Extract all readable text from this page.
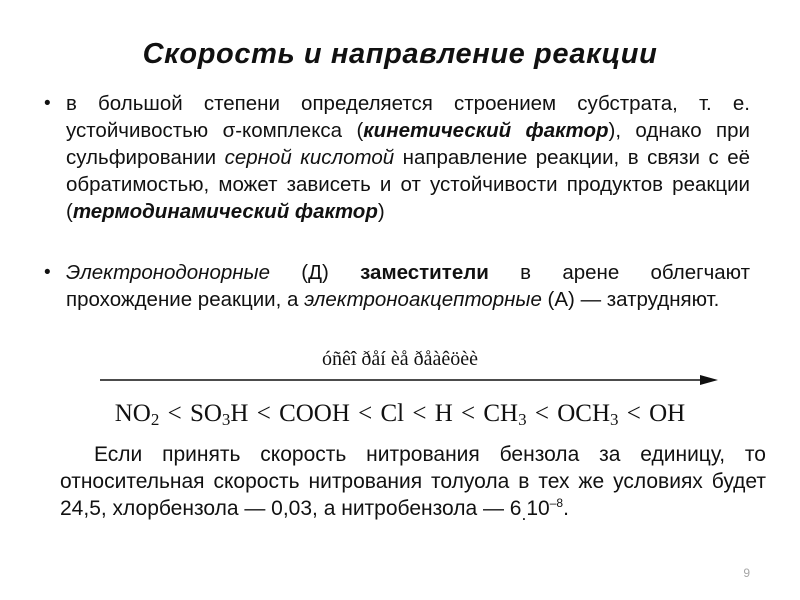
Скорость и направление реакции
• в большой степени определяется строением субстрата, т. е. устойчивостью σ-комплекса (кинетический фактор), однако при сульфировании серной кислотой направление реакции, в связи с её обратимостью, может зависеть и от устойчивости продуктов реакции (термодинамический фактор)
• Электронодонорные (Д) заместители в арене облегчают прохождение реакции, а электроноакцепторные (А) — затрудняют.
óñêî ðåí èå ðåàêöèè
$NO_2 < SO_3H$ < COOH < $Cl < H < CH_3 < OCH_3$ < OH
Если принять скорость нитрования бензола за единицу, то относительная скорость нитрования толуола в тех же условиях будет 24,5, хлорбензола — 0,03, а нитробензола — $6_.10^{-8}$.
9
